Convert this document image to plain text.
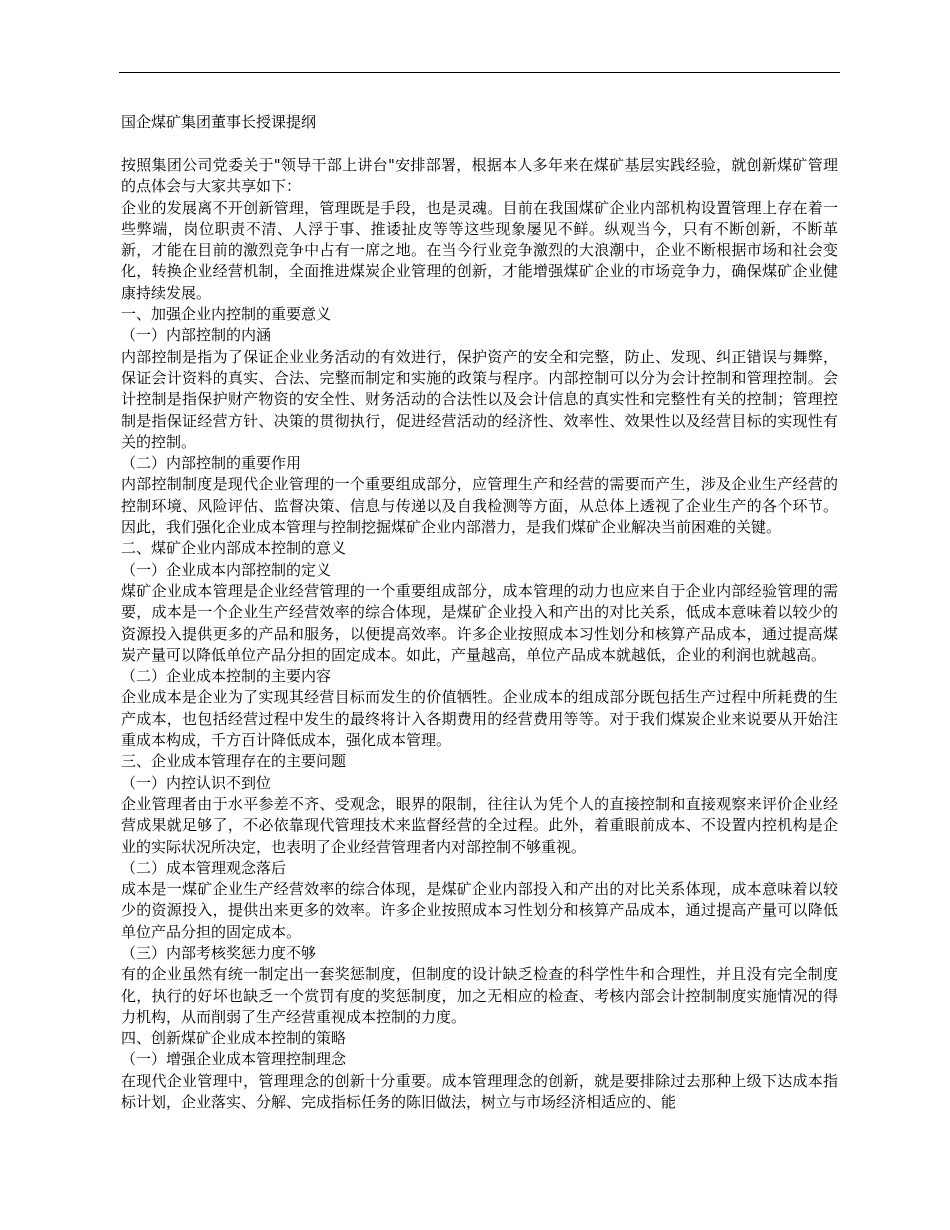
国企煤矿集团董事长授课提纲

按照集团公司党委关于"领导干部上讲台"安排部署，根据本人多年来在煤矿基层实践经验，就创新煤矿管理的点体会与大家共享如下：

企业的发展离不开创新管理，管理既是手段，也是灵魂。目前在我国煤矿企业内部机构设置管理上存在着一些弊端，岗位职责不清、人浮于事、推诿扯皮等等这些现象屡见不鲜。纵观当今，只有不断创新，不断革新，才能在目前的激烈竞争中占有一席之地。在当今行业竞争激烈的大浪潮中，企业不断根据市场和社会变化，转换企业经营机制，全面推进煤炭企业管理的创新，才能增强煤矿企业的市场竞争力，确保煤矿企业健康持续发展。

一、加强企业内控制的重要意义

（一）内部控制的内涵

内部控制是指为了保证企业业务活动的有效进行，保护资产的安全和完整，防止、发现、纠正错误与舞弊，保证会计资料的真实、合法、完整而制定和实施的政策与程序。内部控制可以分为会计控制和管理控制。会计控制是指保护财产物资的安全性、财务活动的合法性以及会计信息的真实性和完整性有关的控制；管理控制是指保证经营方针、决策的贯彻执行，促进经营活动的经济性、效率性、效果性以及经营目标的实现性有关的控制。

（二）内部控制的重要作用

内部控制制度是现代企业管理的一个重要组成部分，应管理生产和经营的需要而产生，涉及企业生产经营的控制环境、风险评估、监督决策、信息与传递以及自我检测等方面，从总体上透视了企业生产的各个环节。因此，我们强化企业成本管理与控制挖掘煤矿企业内部潜力，是我们煤矿企业解决当前困难的关键。

二、煤矿企业内部成本控制的意义

（一）企业成本内部控制的定义

煤矿企业成本管理是企业经营管理的一个重要组成部分，成本管理的动力也应来自于企业内部经验管理的需要，成本是一个企业生产经营效率的综合体现，是煤矿企业投入和产出的对比关系，低成本意味着以较少的资源投入提供更多的产品和服务，以便提高效率。许多企业按照成本习性划分和核算产品成本，通过提高煤炭产量可以降低单位产品分担的固定成本。如此，产量越高，单位产品成本就越低，企业的利润也就越高。

（二）企业成本控制的主要内容

企业成本是企业为了实现其经营目标而发生的价值牺牲。企业成本的组成部分既包括生产过程中所耗费的生产成本，也包括经营过程中发生的最终将计入各期费用的经营费用等等。对于我们煤炭企业来说要从开始注重成本构成，千方百计降低成本，强化成本管理。

三、企业成本管理存在的主要问题

（一）内控认识不到位

企业管理者由于水平参差不齐、受观念，眼界的限制，往往认为凭个人的直接控制和直接观察来评价企业经营成果就足够了，不必依靠现代管理技术来监督经营的全过程。此外，着重眼前成本、不设置内控机构是企业的实际状况所决定，也表明了企业经营管理者内对部控制不够重视。

（二）成本管理观念落后

成本是一煤矿企业生产经营效率的综合体现，是煤矿企业内部投入和产出的对比关系体现，成本意味着以较少的资源投入，提供出来更多的效率。许多企业按照成本习性划分和核算产品成本，通过提高产量可以降低单位产品分担的固定成本。

（三）内部考核奖惩力度不够

有的企业虽然有统一制定出一套奖惩制度，但制度的设计缺乏检查的科学性牛和合理性，并且没有完全制度化，执行的好坏也缺乏一个赏罚有度的奖惩制度，加之无相应的检查、考核内部会计控制制度实施情况的得力机构，从而削弱了生产经营重视成本控制的力度。

四、创新煤矿企业成本控制的策略

（一）增强企业成本管理控制理念

在现代企业管理中，管理理念的创新十分重要。成本管理理念的创新，就是要排除过去那种上级下达成本指标计划，企业落实、分解、完成指标任务的陈旧做法，树立与市场经济相适应的、能
